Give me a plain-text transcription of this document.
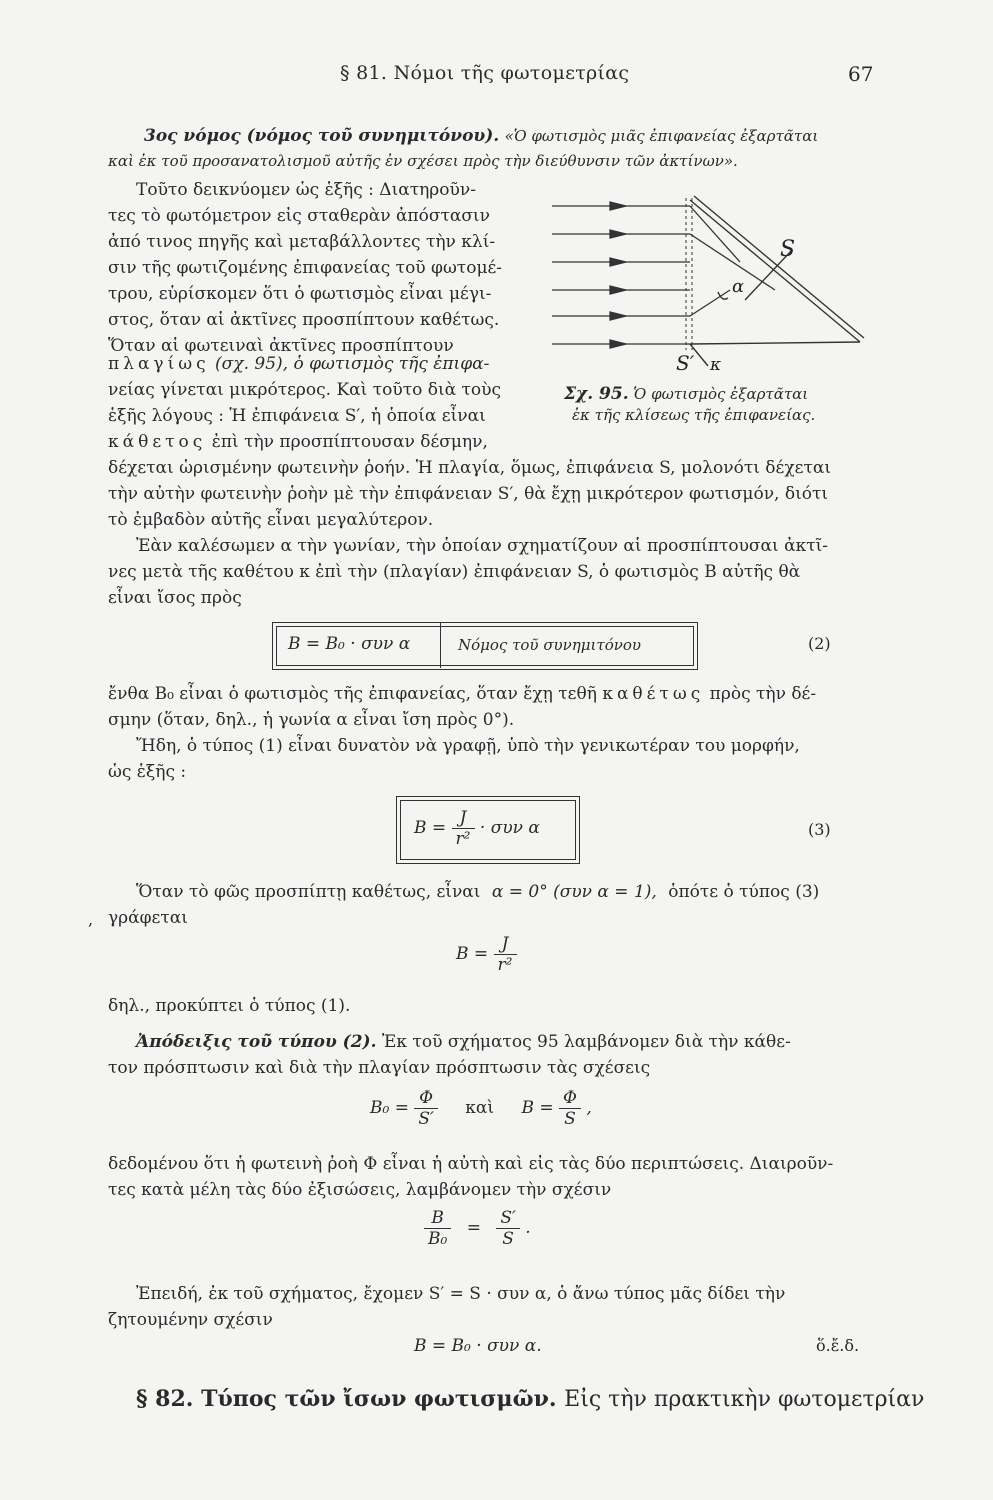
§ 81. Νόμοι τῆς φωτομετρίας	67
3ος νόμος (νόμος τοῦ συνημιτόνου). «Ὁ φωτισμὸς μιᾶς ἐπιφανείας ἐξαρτᾶται
καὶ ἐκ τοῦ προσανατολισμοῦ αὐτῆς ἐν σχέσει πρὸς τὴν διεύθυνσιν τῶν ἀκτίνων».
Τοῦτο δεικνύομεν ὡς ἑξῆς : Διατηροῦν-
τες τὸ φωτόμετρον εἰς σταθερὰν ἀπόστασιν
ἀπό τινος πηγῆς καὶ μεταβάλλοντες τὴν κλί-
σιν τῆς φωτιζομένης ἐπιφανείας τοῦ φωτομέ-
τρου, εὑρίσκομεν ὅτι ὁ φωτισμὸς εἶναι μέγι-
στος, ὅταν αἱ ἀκτῖνες προσπίπτουν καθέτως.
Ὅταν αἱ φωτειναὶ ἀκτῖνες προσπίπτουν
πλαγίως (σχ. 95), ὁ φωτισμὸς τῆς ἐπιφα-
νείας γίνεται μικρότερος. Καὶ τοῦτο διὰ τοὺς
ἑξῆς λόγους : Ἡ ἐπιφάνεια S′, ἡ ὁποία εἶναι
κάθετος ἐπὶ τὴν προσπίπτουσαν δέσμην,
S
α
S′ κ
Σχ. 95. Ὁ φωτισμὸς ἐξαρτᾶται
ἐκ τῆς κλίσεως τῆς ἐπιφανείας.
δέχεται ὡρισμένην φωτεινὴν ῥοήν. Ἡ πλαγία, ὅμως, ἐπιφάνεια S, μολονότι δέχεται
τὴν αὐτὴν φωτεινὴν ῥοὴν μὲ τὴν ἐπιφάνειαν S′, θὰ ἔχῃ μικρότερον φωτισμόν, διότι
τὸ ἐμβαδὸν αὐτῆς εἶναι μεγαλύτερον.
Ἐὰν καλέσωμεν α τὴν γωνίαν, τὴν ὁποίαν σχηματίζουν αἱ προσπίπτουσαι ἀκτῖ-
νες μετὰ τῆς καθέτου κ ἐπὶ τὴν (πλαγίαν) ἐπιφάνειαν S, ὁ φωτισμὸς B αὐτῆς θὰ
εἶναι ἴσος πρὸς
B = B₀ · συν α	Νόμος τοῦ συνημιτόνου	(2)
ἔνθα B₀ εἶναι ὁ φωτισμὸς τῆς ἐπιφανείας, ὅταν ἔχῃ τεθῆ καθέτως πρὸς τὴν δέ-
σμην (ὅταν, δηλ., ἡ γωνία α εἶναι ἴση πρὸς 0°).
Ἤδη, ὁ τύπος (1) εἶναι δυνατὸν νὰ γραφῇ, ὑπὸ τὴν γενικωτέραν του μορφήν,
ὡς ἑξῆς :
$B = \frac{J}{\text{r²}} \cdot \sigma\upsilon\nu$ α	(3)
Ὅταν τὸ φῶς προσπίπτῃ καθέτως, εἶναι α = 0° (συν α = 1), ὁπότε ὁ τύπος (3)
γράφεται
,
$B = \frac{J}{\text{r²}}$
δηλ., προκύπτει ὁ τύπος (1).
Ἀπόδειξις τοῦ τύπου (2). Ἐκ τοῦ σχήματος 95 λαμβάνομεν διὰ τὴν κάθε-
τον πρόσπτωσιν καὶ διὰ τὴν πλαγίαν πρόσπτωσιν τὰς σχέσεις
$B_0 = \frac{\Phi}{S'}$ καὶ $B = \frac{\Phi}{S}$ ,
δεδομένου ὅτι ἡ φωτεινὴ ῥοὴ Φ εἶναι ἡ αὐτὴ καὶ εἰς τὰς δύο περιπτώσεις. Διαιροῦν-
τες κατὰ μέλη τὰς δύο ἐξισώσεις, λαμβάνομεν τὴν σχέσιν
$\frac{B}{\text{B₀}} = \frac{S'}{S}$ .
Ἐπειδή, ἐκ τοῦ σχήματος, ἔχομεν S′ = S · συν α, ὁ ἄνω τύπος μᾶς δίδει τὴν
ζητουμένην σχέσιν
B = B₀ · συν α.	ὅ.ἔ.δ.
§ 82. Τύπος τῶν ἴσων φωτισμῶν. Εἰς τὴν πρακτικὴν φωτομετρίαν
